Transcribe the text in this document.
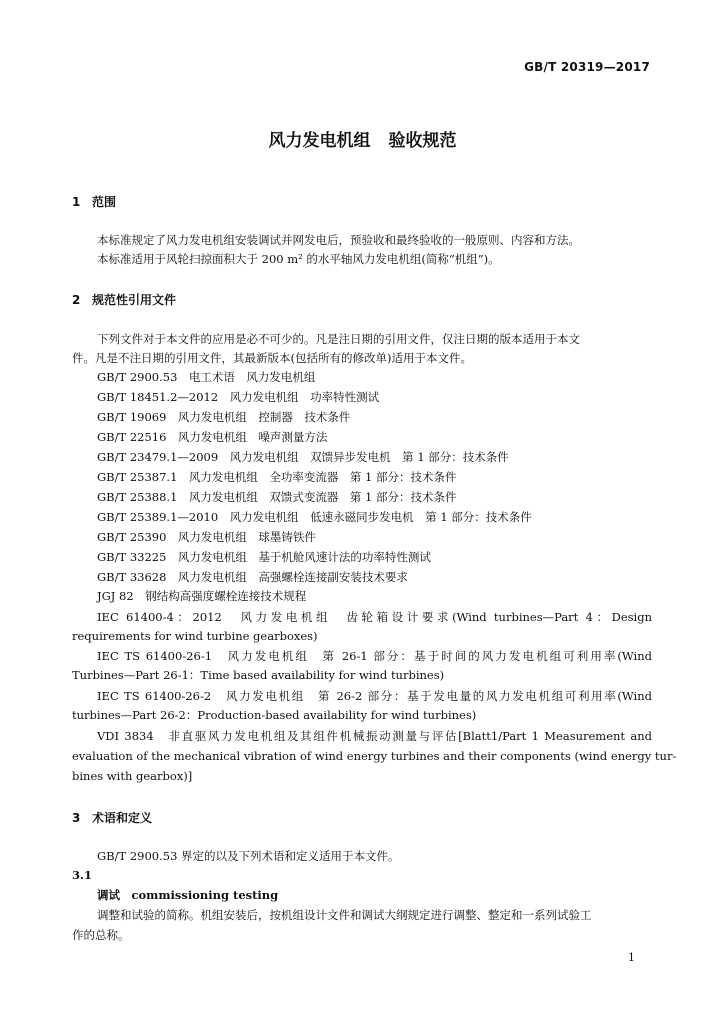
GB/T 20319—2017
风力发电机组 验收规范
1 范围
本标准规定了风力发电机组安装调试并网发电后，预验收和最终验收的一般原则、内容和方法。
本标准适用于风轮扫掠面积大于 200 m² 的水平轴风力发电机组(简称“机组”)。
2 规范性引用文件
下列文件对于本文件的应用是必不可少的。凡是注日期的引用文件，仅注日期的版本适用于本文
件。凡是不注日期的引用文件，其最新版本(包括所有的修改单)适用于本文件。
GB/T 2900.53　电工术语　风力发电机组
GB/T 18451.2—2012　风力发电机组　功率特性测试
GB/T 19069　风力发电机组　控制器　技术条件
GB/T 22516　风力发电机组　噪声测量方法
GB/T 23479.1—2009　风力发电机组　双馈异步发电机　第 1 部分：技术条件
GB/T 25387.1　风力发电机组　全功率变流器　第 1 部分：技术条件
GB/T 25388.1　风力发电机组　双馈式变流器　第 1 部分：技术条件
GB/T 25389.1—2010　风力发电机组　低速永磁同步发电机　第 1 部分：技术条件
GB/T 25390　风力发电机组　球墨铸铁件
GB/T 33225　风力发电机组　基于机舱风速计法的功率特性测试
GB/T 33628　风力发电机组　高强螺栓连接副安装技术要求
JGJ 82　钢结构高强度螺栓连接技术规程
IEC 61400-4：2012　风力发电机组　齿轮箱设计要求(Wind turbines—Part 4：Design
requirements for wind turbine gearboxes)
IEC TS 61400-26-1　风力发电机组　第 26-1 部分：基于时间的风力发电机组可利用率(Wind
Turbines—Part 26-1：Time based availability for wind turbines)
IEC TS 61400-26-2　风力发电机组　第 26-2 部分：基于发电量的风力发电机组可利用率(Wind
turbines—Part 26-2：Production-based availability for wind turbines)
VDI 3834　非直驱风力发电机组及其组件机械振动测量与评估[Blatt1/Part 1 Measurement and
evaluation of the mechanical vibration of wind energy turbines and their components (wind energy tur-
bines with gearbox)]
3 术语和定义
GB/T 2900.53 界定的以及下列术语和定义适用于本文件。
3.1
调试　commissioning testing
调整和试验的简称。机组安装后，按机组设计文件和调试大纲规定进行调整、整定和一系列试验工
作的总称。
1
